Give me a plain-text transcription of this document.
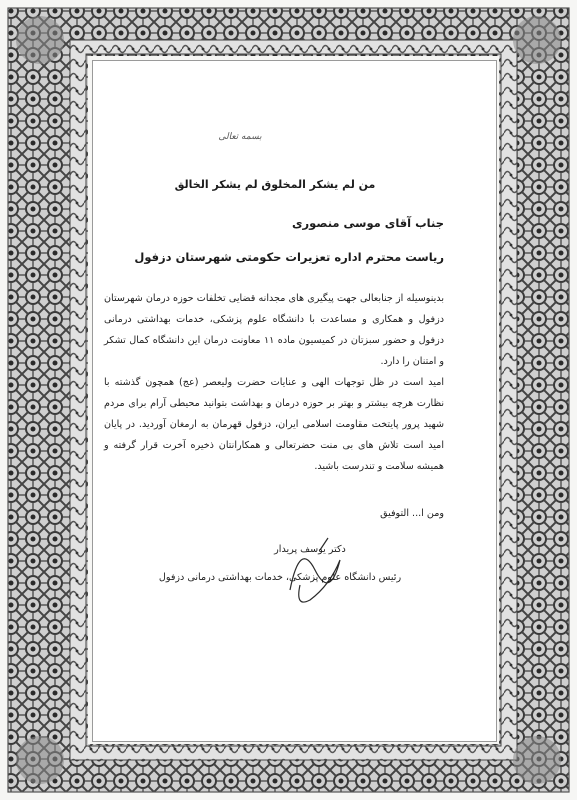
بسمه تعالی
من لم یشکر المخلوق لم یشکر الخالق
جناب آقای موسی منصوری
ریاست محترم اداره تعزیرات حکومتی شهرستان دزفول

بدینوسیله از جنابعالی جهت پیگیری های مجدانه قضایی تخلفات حوزه درمان شهرستان دزفول و همکاری و مساعدت با دانشگاه علوم پزشکی، خدمات بهداشتی درمانی دزفول و حضور سبزتان در کمیسیون ماده ۱۱ معاونت درمان این دانشگاه کمال تشکر و امتنان را دارد.

امید است در ظل توجهات الهی و عنایات حضرت ولیعصر (عج) همچون گذشته با نظارت هرچه بیشتر و بهتر بر حوزه درمان و بهداشت بتوانید محیطی آرام برای مردم شهید پرور پایتخت مقاومت اسلامی ایران، دزفول قهرمان به ارمغان آوردید. در پایان امید است تلاش های بی منت حضرتعالی و همکارانتان ذخیره آخرت قرار گرفته و همیشه سلامت و تندرست باشید.

ومن ا... التوفیق
دکتر یوسف پریدار
رئیس دانشگاه علوم پزشکی، خدمات بهداشتی درمانی دزفول
